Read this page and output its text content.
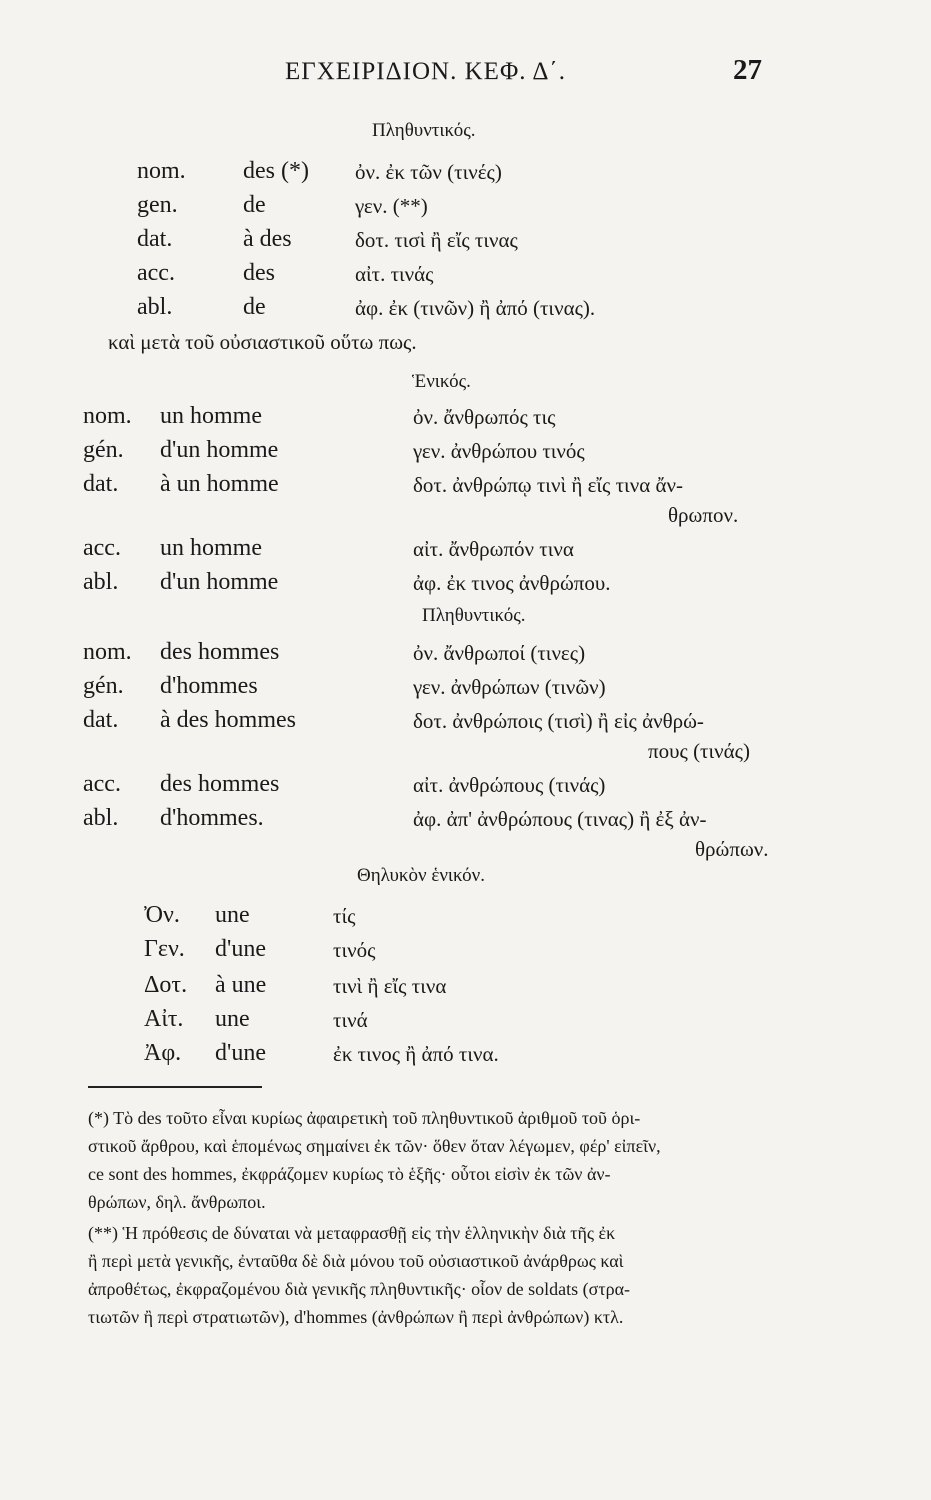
ΕΓΧΕΙΡΙΔΙΟΝ. ΚΕΦ. Δ΄.	27
Πληθυντικός.
nom. des (*) ὀν. ἐκ τῶν (τινές)
gen.	de	γεν. (**)
dat.	à des	δοτ. τισὶ ἢ εἴς τινας
acc.	des	αἰτ. τινάς
abl.	de	ἀφ. ἐκ (τινῶν) ἢ ἀπό (τινας).
καὶ μετὰ τοῦ οὐσιαστικοῦ οὕτω πως.
Ἑνικός.
nom. un homme	ὀν. ἄνθρωπός τις
gén. d'un homme	γεν. ἀνθρώπου τινός
dat. à un homme	δοτ. ἀνθρώπῳ τινὶ ἢ εἴς τινα ἄν-
θρωπον.
acc. un homme	αἰτ. ἄνθρωπόν τινα
abl. d'un homme	ἀφ. ἐκ τινος ἀνθρώπου.
Πληθυντικός.
nom. des hommes	ὀν. ἄνθρωποί (τινες)
gén. d'hommes	γεν. ἀνθρώπων (τινῶν)
dat. à des hommes	δοτ. ἀνθρώποις (τισὶ) ἢ εἰς ἀνθρώ-
πους (τινάς)
acc. des hommes	αἰτ. ἀνθρώπους (τινάς)
abl. d'hommes.	ἀφ. ἀπ' ἀνθρώπους (τινας) ἢ ἐξ ἀν-
θρώπων.
Θηλυκὸν ἑνικόν.
Ὀν. une	τίς
Γεν. d'une	τινός
Δοτ. à une	τινὶ ἢ εἴς τινα
Αἰτ. une	τινά
Ἀφ. d'une	ἐκ τινος ἢ ἀπό τινα.
(*) Τὸ des τοῦτο εἶναι κυρίως ἀφαιρετικὴ τοῦ πληθυντικοῦ ἀριθμοῦ τοῦ ὁρι-
στικοῦ ἄρθρου, καὶ ἑπομένως σημαίνει ἐκ τῶν· ὅθεν ὅταν λέγωμεν, φέρ' εἰπεῖν,
ce sont des hommes, ἐκφράζομεν κυρίως τὸ ἑξῆς· οὗτοι εἰσὶν ἐκ τῶν ἀν-
θρώπων, δηλ. ἄνθρωποι.
(**) Ἡ πρόθεσις de δύναται νὰ μεταφρασθῇ εἰς τὴν ἑλληνικὴν διὰ τῆς ἐκ
ἢ περὶ μετὰ γενικῆς, ἐνταῦθα δὲ διὰ μόνου τοῦ οὐσιαστικοῦ ἀνάρθρως καὶ
ἀπροθέτως, ἐκφραζομένου διὰ γενικῆς πληθυντικῆς· οἷον de soldats (στρα-
τιωτῶν ἢ περὶ στρατιωτῶν), d'hommes (ἀνθρώπων ἢ περὶ ἀνθρώπων) κτλ.
